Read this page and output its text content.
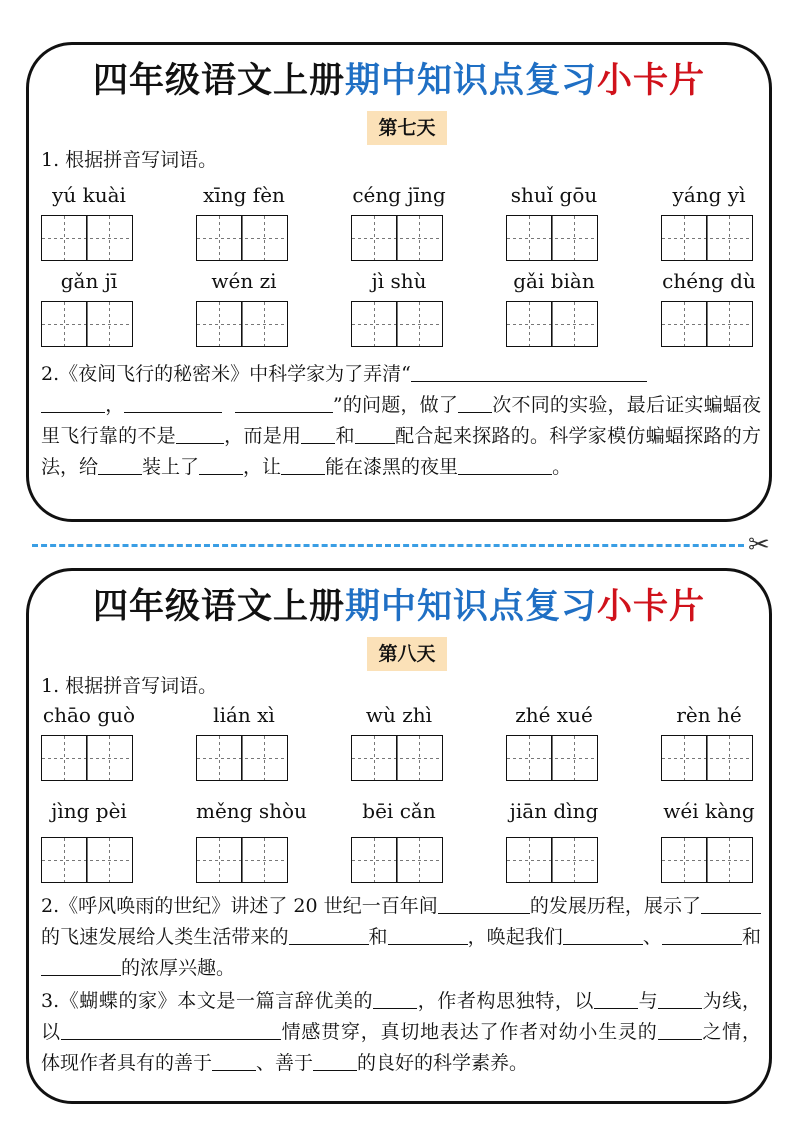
四年级语文上册期中知识点复习小卡片
第七天
1. 根据拼音写词语。
yú kuài	xīng fèn	céng jīng	shuǐ gōu	yáng yì
gǎn jī	wén zi	jì shù	gǎi biàn	chéng dù
2.《夜间飞行的秘密米》中科学家为了弄清“
，	”的问题，做了 次不同的实验，最后证实蝙蝠夜里飞行靠的不是	，而是用 和 配合起来探路的。科学家模仿蝙蝠探路的方法，给 装上了 ，让 能在漆黑的夜里	。
✂
四年级语文上册期中知识点复习小卡片
第八天
1. 根据拼音写词语。
chāo guò	lián xì	wù zhì	zhé xué	rèn hé
jìng pèi	měng shòu	bēi cǎn	jiān dìng	wéi kàng
2.《呼风唤雨的世纪》讲述了 20 世纪一百年间	的发展历程，展示了的飞速发展给人类生活带来的	和	，唤起我们	、	和的浓厚兴趣。
3.《蝴蝶的家》本文是一篇言辞优美的 ，作者构思独特，以 与 为线，以	情感贯穿，真切地表达了作者对幼小生灵的 之情，体现作者具有的善于 、善于 的良好的科学素养。
